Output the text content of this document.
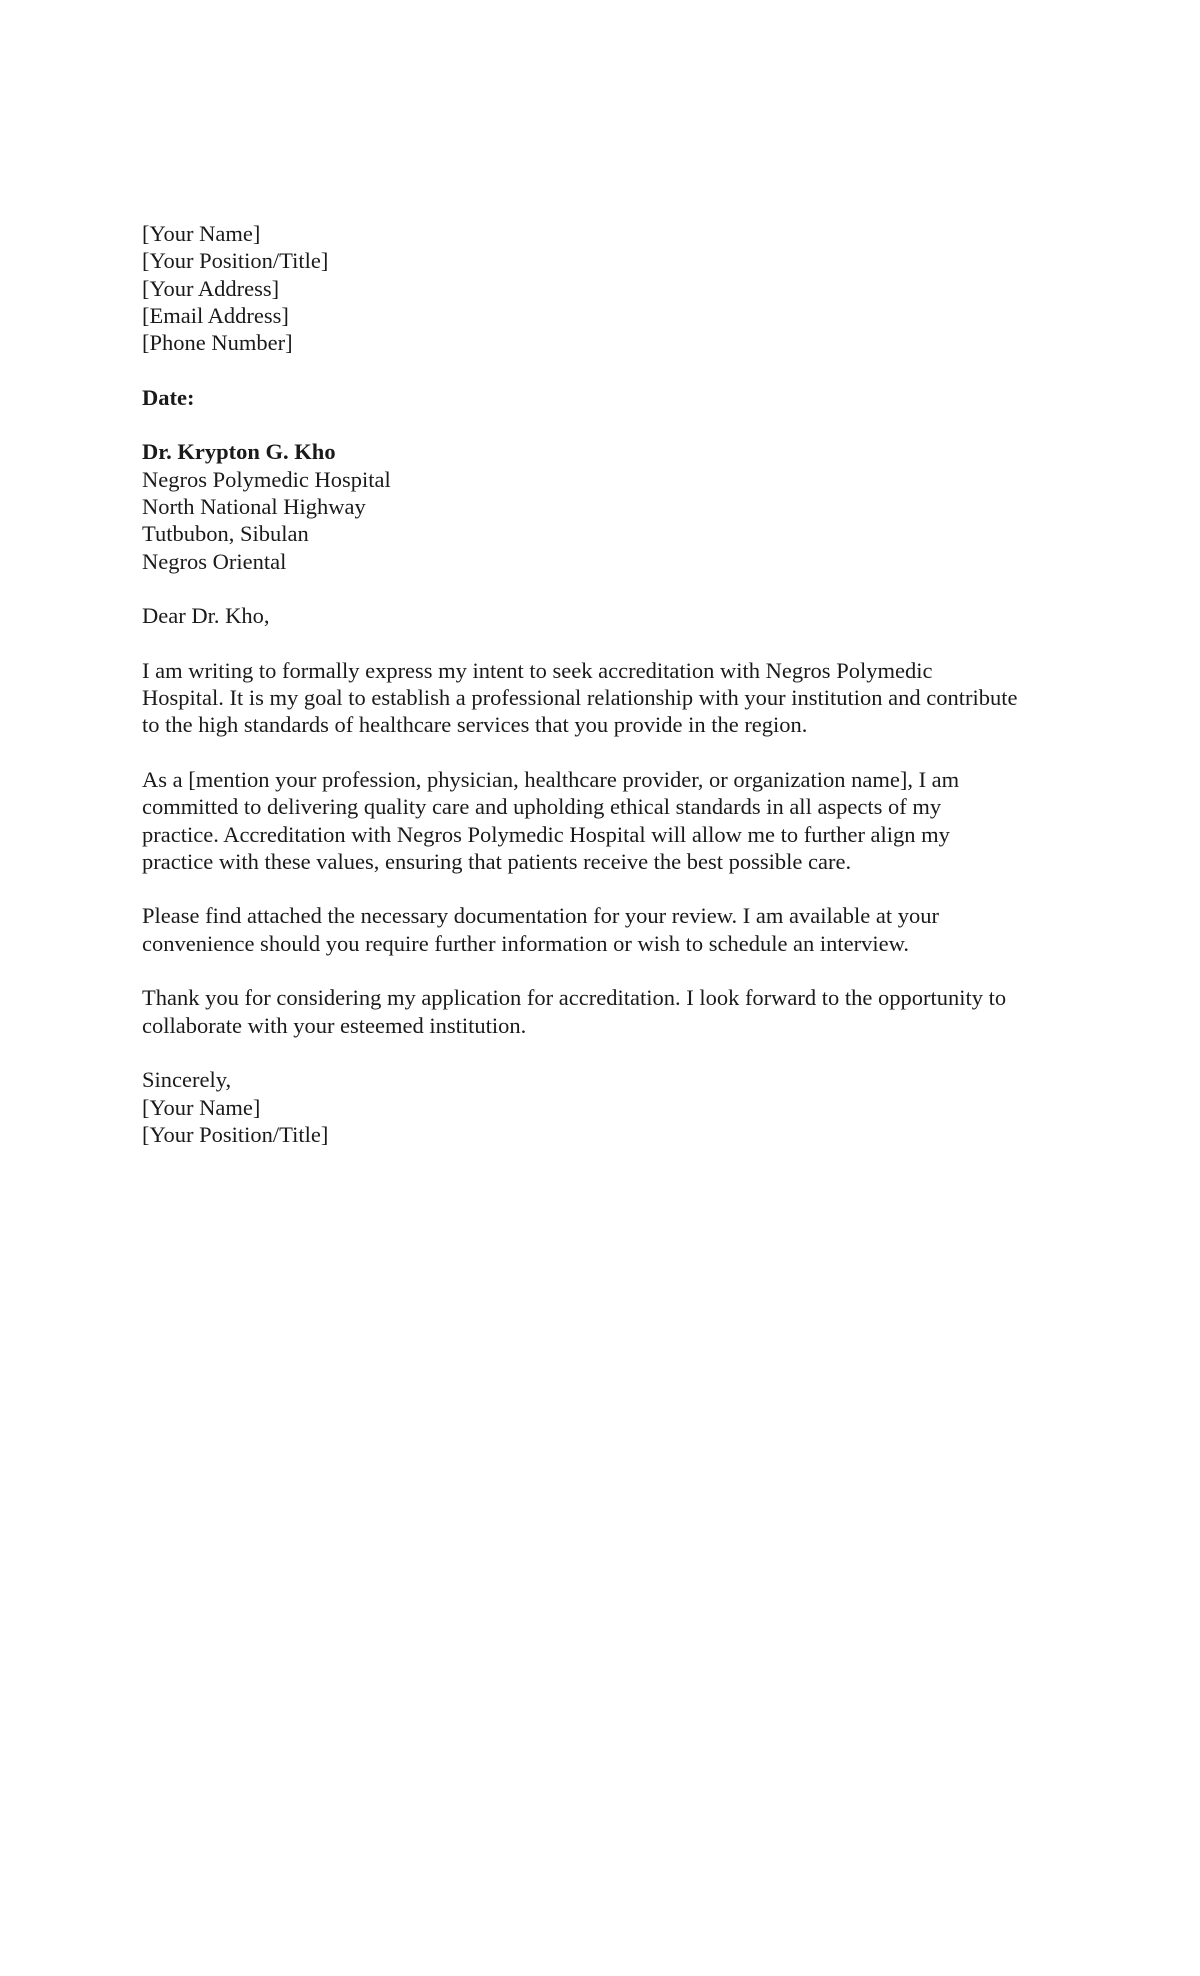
[Your Name]
[Your Position/Title]
[Your Address]
[Email Address]
[Phone Number]
Date:
Dr. Krypton G. Kho
Negros Polymedic Hospital
North National Highway
Tutbubon, Sibulan
Negros Oriental
Dear Dr. Kho,
I am writing to formally express my intent to seek accreditation with Negros Polymedic
Hospital. It is my goal to establish a professional relationship with your institution and contribute
to the high standards of healthcare services that you provide in the region.
As a [mention your profession, physician, healthcare provider, or organization name], I am
committed to delivering quality care and upholding ethical standards in all aspects of my
practice. Accreditation with Negros Polymedic Hospital will allow me to further align my
practice with these values, ensuring that patients receive the best possible care.
Please find attached the necessary documentation for your review. I am available at your
convenience should you require further information or wish to schedule an interview.
Thank you for considering my application for accreditation. I look forward to the opportunity to
collaborate with your esteemed institution.
Sincerely,
[Your Name]
[Your Position/Title]
